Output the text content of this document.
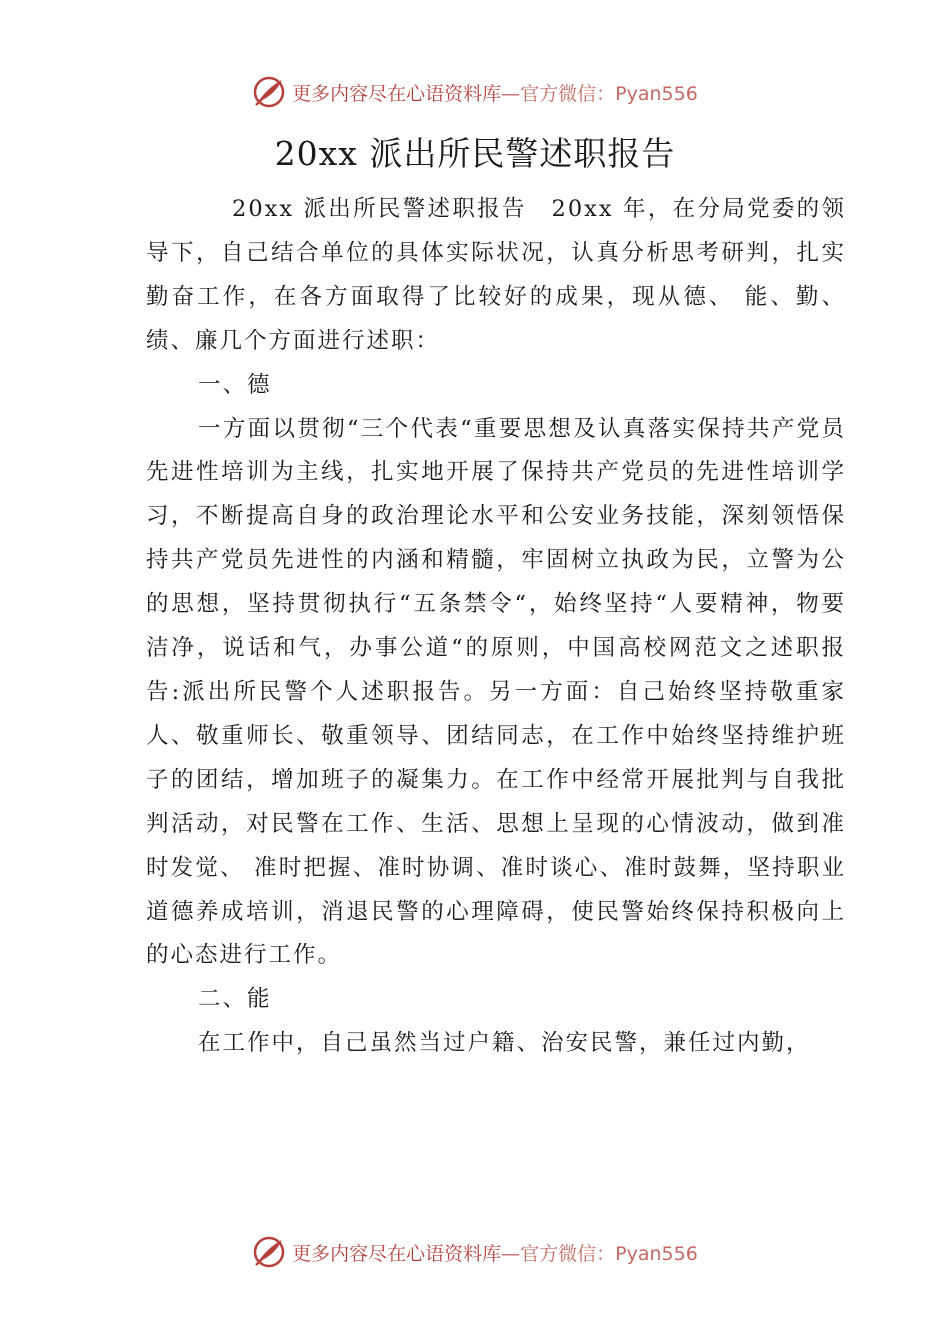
更多内容尽在心语资料库 —官方微信：Pyan556
20xx 派出所民警述职报告

20xx 派出所民警述职报告　20xx 年，在分局党委的领导下，自己结合单位的具体实际状况，认真分析思考研判，扎实勤奋工作，在各方面取得了比较好的成果，现从德、 能、勤、绩、廉几个方面进行述职：

一、德

一方面以贯彻“三个代表“重要思想及认真落实保持共产党员先进性培训为主线，扎实地开展了保持共产党员的先进性培训学习，不断提高自身的政治理论水平和公安业务技能，深刻领悟保持共产党员先进性的内涵和精髓，牢固树立执政为民，立警为公的思想，坚持贯彻执行“五条禁令“，始终坚持“人要精神，物要洁净，说话和气，办事公道“的原则，中国高校网范文之述职报告:派出所民警个人述职报告。另一方面：自己始终坚持敬重家人、敬重师长、敬重领导、团结同志，在工作中始终坚持维护班子的团结，增加班子的凝集力。在工作中经常开展批判与自我批判活动，对民警在工作、生活、思想上呈现的心情波动，做到准时发觉、 准时把握、准时协调、准时谈心、准时鼓舞，坚持职业道德养成培训，消退民警的心理障碍，使民警始终保持积极向上的心态进行工作。

二、能

在工作中，自己虽然当过户籍、治安民警，兼任过内勤，

更多内容尽在心语资料库 —官方微信：Pyan556
